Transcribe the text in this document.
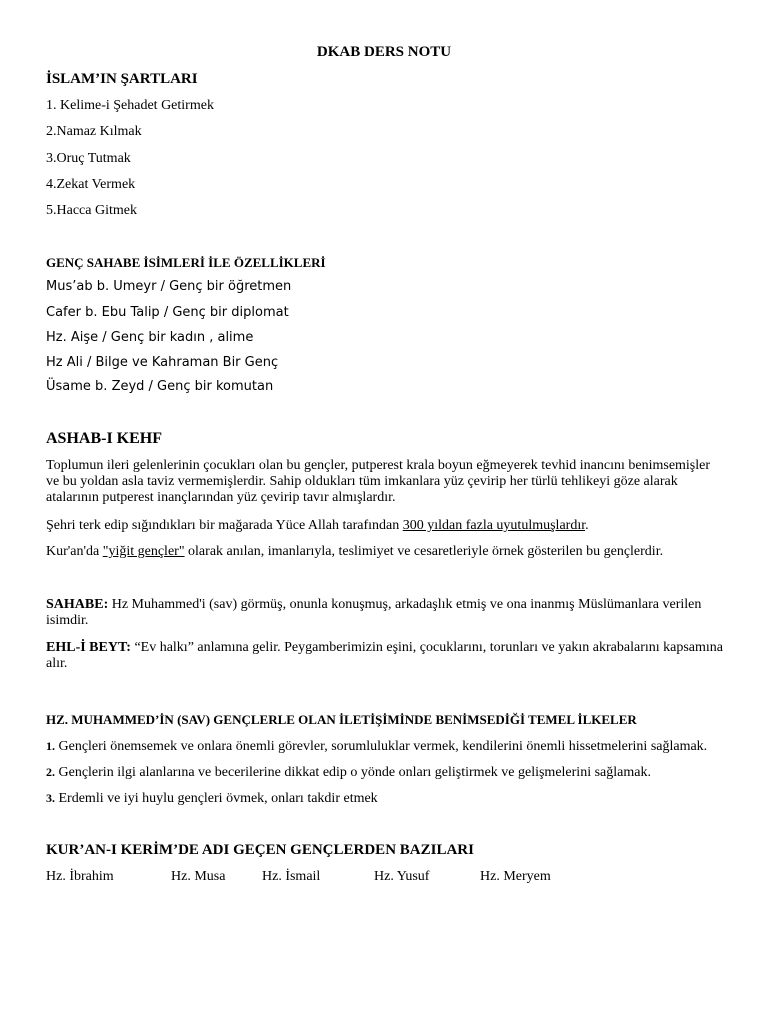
DKAB DERS NOTU
İSLAM’IN ŞARTLARI
1. Kelime-i Şehadet Getirmek
2.Namaz Kılmak
3.Oruç Tutmak
4.Zekat Vermek
5.Hacca Gitmek
GENÇ SAHABE İSİMLERİ İLE ÖZELLİKLERİ
Mus’ab b. Umeyr / Genç bir öğretmen
Cafer b. Ebu Talip / Genç bir diplomat
Hz. Aişe / Genç bir kadın , alime
Hz Ali / Bilge ve Kahraman Bir Genç
Üsame b. Zeyd / Genç bir komutan
ASHAB-I KEHF
Toplumun ileri gelenlerinin çocukları olan bu gençler, putperest krala boyun eğmeyerek tevhid inancını benimsemişler ve bu yoldan asla taviz vermemişlerdir. Sahip oldukları tüm imkanlara yüz çevirip her türlü tehlikeyi göze alarak atalarının putperest inançlarından yüz çevirip tavır almışlardır.
Şehri terk edip sığındıkları bir mağarada Yüce Allah tarafından 300 yıldan fazla uyutulmuşlardır.
Kur'an'da "yiğit gençler" olarak anılan, imanlarıyla, teslimiyet ve cesaretleriyle örnek gösterilen bu gençlerdir.
SAHABE: Hz Muhammed'i (sav) görmüş, onunla konuşmuş, arkadaşlık etmiş ve ona inanmış Müslümanlara verilen isimdir.
EHL-İ BEYT: “Ev halkı” anlamına gelir. Peygamberimizin eşini, çocuklarını, torunları ve yakın akrabalarını kapsamına alır.
HZ. MUHAMMED’İN (SAV) GENÇLERLE OLAN İLETİŞİMİNDE BENİMSEDİĞİ TEMEL İLKELER
1. Gençleri önemsemek ve onlara önemli görevler, sorumluluklar vermek, kendilerini önemli hissetmelerini sağlamak.
2. Gençlerin ilgi alanlarına ve becerilerine dikkat edip o yönde onları geliştirmek ve gelişmelerini sağlamak.
3. Erdemli ve iyi huylu gençleri övmek, onları takdir etmek
KUR’AN-I KERİM’DE ADI GEÇEN GENÇLERDEN BAZILARI
Hz. İbrahim	Hz. Musa	Hz. İsmail	Hz. Yusuf	Hz. Meryem
